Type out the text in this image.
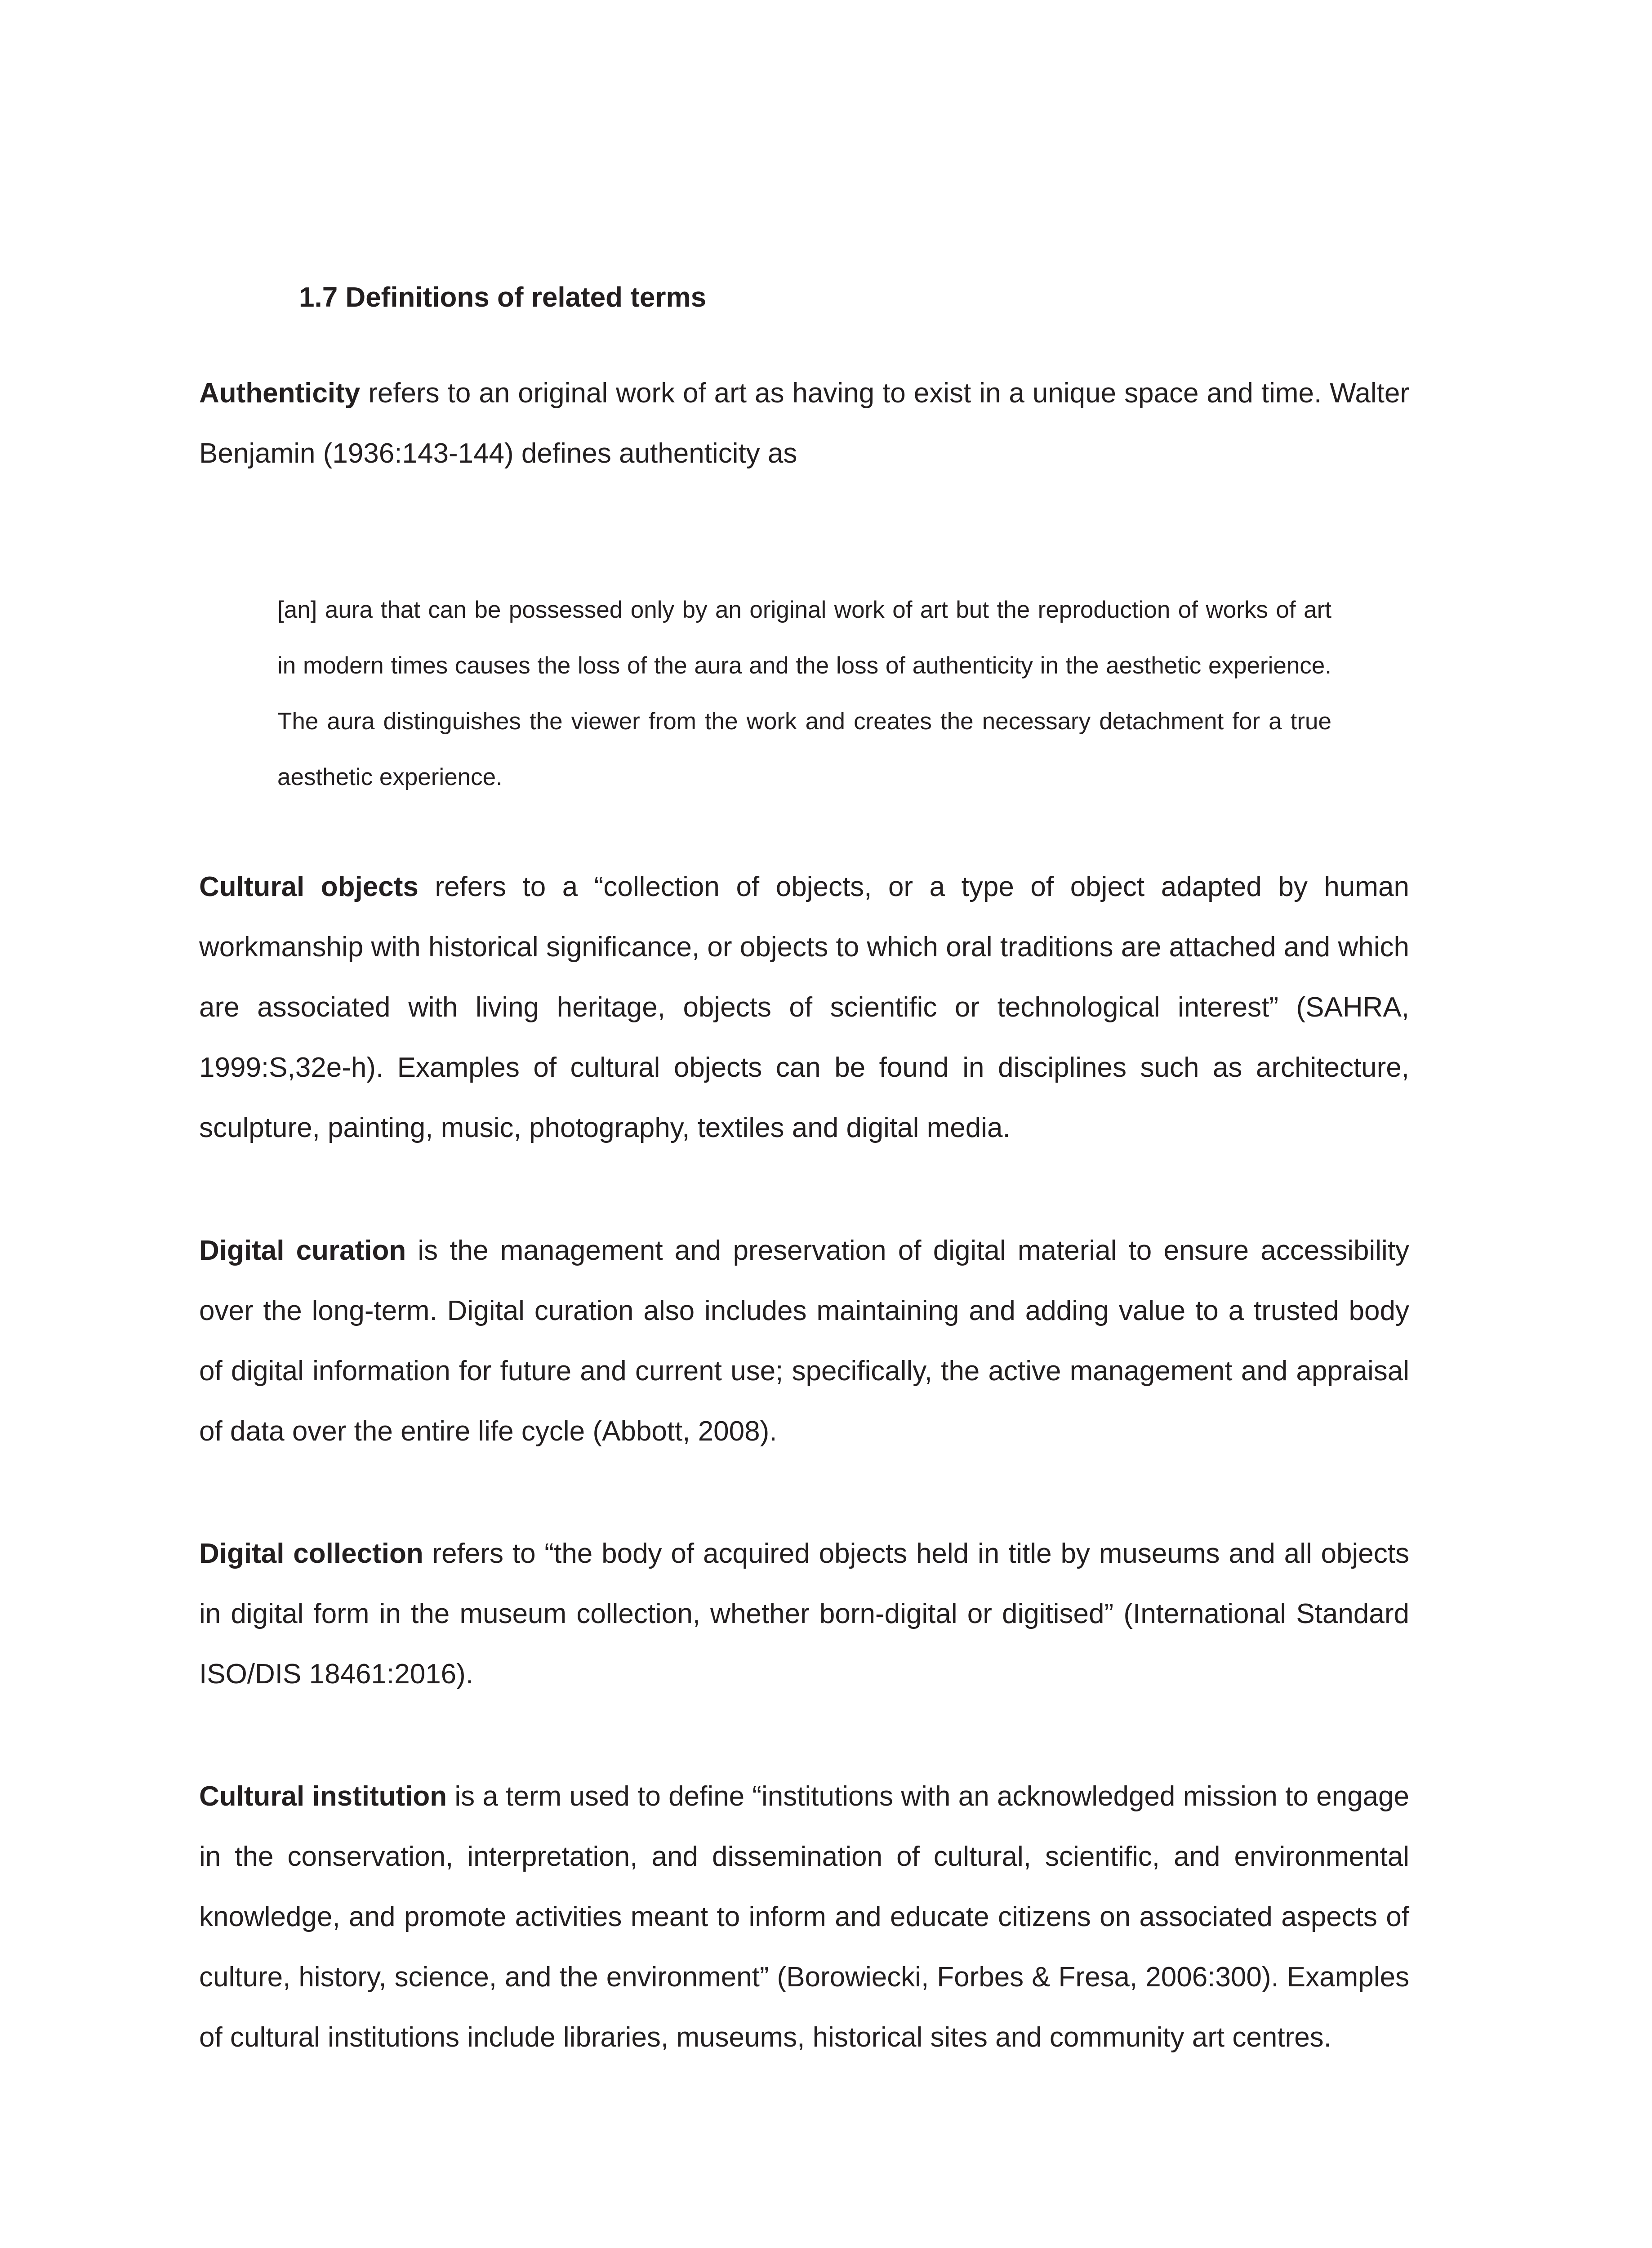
1.7 Definitions of related terms

Authenticity refers to an original work of art as having to exist in a unique space and time. Walter Benjamin (1936:143-144) defines authenticity as

[an] aura that can be possessed only by an original work of art but the reproduction of works of art in modern times causes the loss of the aura and the loss of authenticity in the aesthetic experience. The aura distinguishes the viewer from the work and creates the necessary detachment for a true aesthetic experience.

Cultural objects refers to a “collection of objects, or a type of object adapted by human workmanship with historical significance, or objects to which oral traditions are attached and which are associated with living heritage, objects of scientific or technological interest” (SAHRA, 1999:S,32e-h). Examples of cultural objects can be found in disciplines such as architecture, sculpture, painting, music, photography, textiles and digital media.

Digital curation is the management and preservation of digital material to ensure accessibility over the long-term. Digital curation also includes maintaining and adding value to a trusted body of digital information for future and current use; specifically, the active management and appraisal of data over the entire life cycle (Abbott, 2008).

Digital collection refers to “the body of acquired objects held in title by museums and all objects in digital form in the museum collection, whether born-digital or digitised” (International Standard ISO/DIS 18461:2016).

Cultural institution is a term used to define “institutions with an acknowledged mission to engage in the conservation, interpretation, and dissemination of cultural, scientific, and environmental knowledge, and promote activities meant to inform and educate citizens on associated aspects of culture, history, science, and the environment” (Borowiecki, Forbes & Fresa, 2006:300). Examples of cultural institutions include libraries, museums, historical sites and community art centres.
